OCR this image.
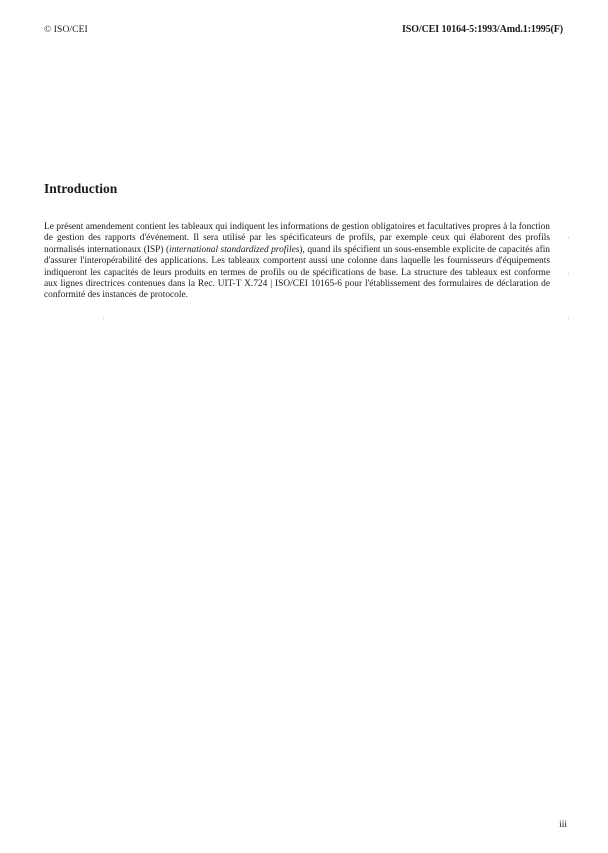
© ISO/CEI	ISO/CEI 10164-5:1993/Amd.1:1995(F)
Introduction

Le présent amendement contient les tableaux qui indiquent les informations de gestion obligatoires et facultatives propres à la fonction de gestion des rapports d'événement. Il sera utilisé par les spécificateurs de profils, par exemple ceux qui élaborent des profils normalisés internationaux (ISP) (international standardized profiles), quand ils spécifient un sous-ensemble explicite de capacités afin d'assurer l'interopérabilité des applications. Les tableaux comportent aussi une colonne dans laquelle les fournisseurs d'équipements indiqueront les capacités de leurs produits en termes de profils ou de spécifications de base. La structure des tableaux est conforme aux lignes directrices contenues dans la Rec. UIT-T X.724 | ISO/CEI 10165-6 pour l'établissement des formulaires de déclaration de conformité des instances de protocole.

iii
